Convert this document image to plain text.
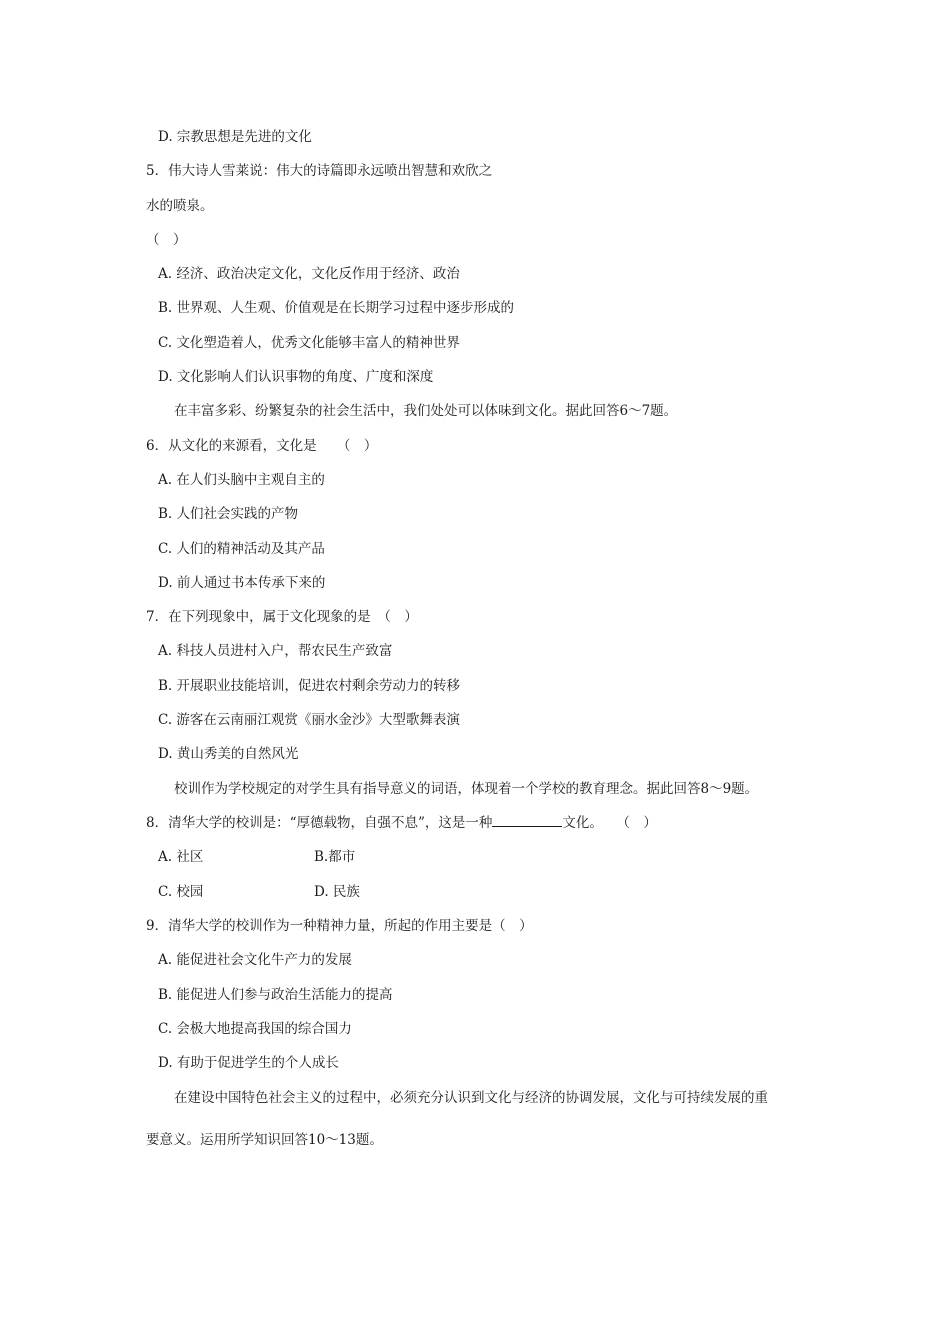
D. 宗教思想是先进的文化
5．伟大诗人雪莱说：伟大的诗篇即永远喷出智慧和欢欣之
水的喷泉。
（　）
A. 经济、政治决定文化，文化反作用于经济、政治
B. 世界观、人生观、价值观是在长期学习过程中逐步形成的
C. 文化塑造着人，优秀文化能够丰富人的精神世界
D. 文化影响人们认识事物的角度、广度和深度
在丰富多彩、纷繁复杂的社会生活中，我们处处可以体味到文化。据此回答6～7题。
6．从文化的来源看，文化是　　（　）
A. 在人们头脑中主观自主的
B. 人们社会实践的产物
C. 人们的精神活动及其产品
D. 前人通过书本传承下来的
7．在下列现象中，属于文化现象的是　（　）
A. 科技人员进村入户，帮农民生产致富
B. 开展职业技能培训，促进农村剩余劳动力的转移
C. 游客在云南丽江观赏《丽水金沙》大型歌舞表演
D. 黄山秀美的自然风光
校训作为学校规定的对学生具有指导意义的词语，体现着一个学校的教育理念。据此回答8～9题。
8．清华大学的校训是：“厚德载物，自强不息”，这是一种	文化。　　（　）
A. 社区	B.都市
C. 校园	D. 民族
9．清华大学的校训作为一种精神力量，所起的作用主要是（　）
A. 能促进社会文化牛产力的发展
B. 能促进人们参与政治生活能力的提高
C. 会极大地提高我国的综合国力
D. 有助于促进学生的个人成长
在建设中国特色社会主义的过程中，必须充分认识到文化与经济的协调发展，文化与可持续发展的重
要意义。运用所学知识回答10～13题。
